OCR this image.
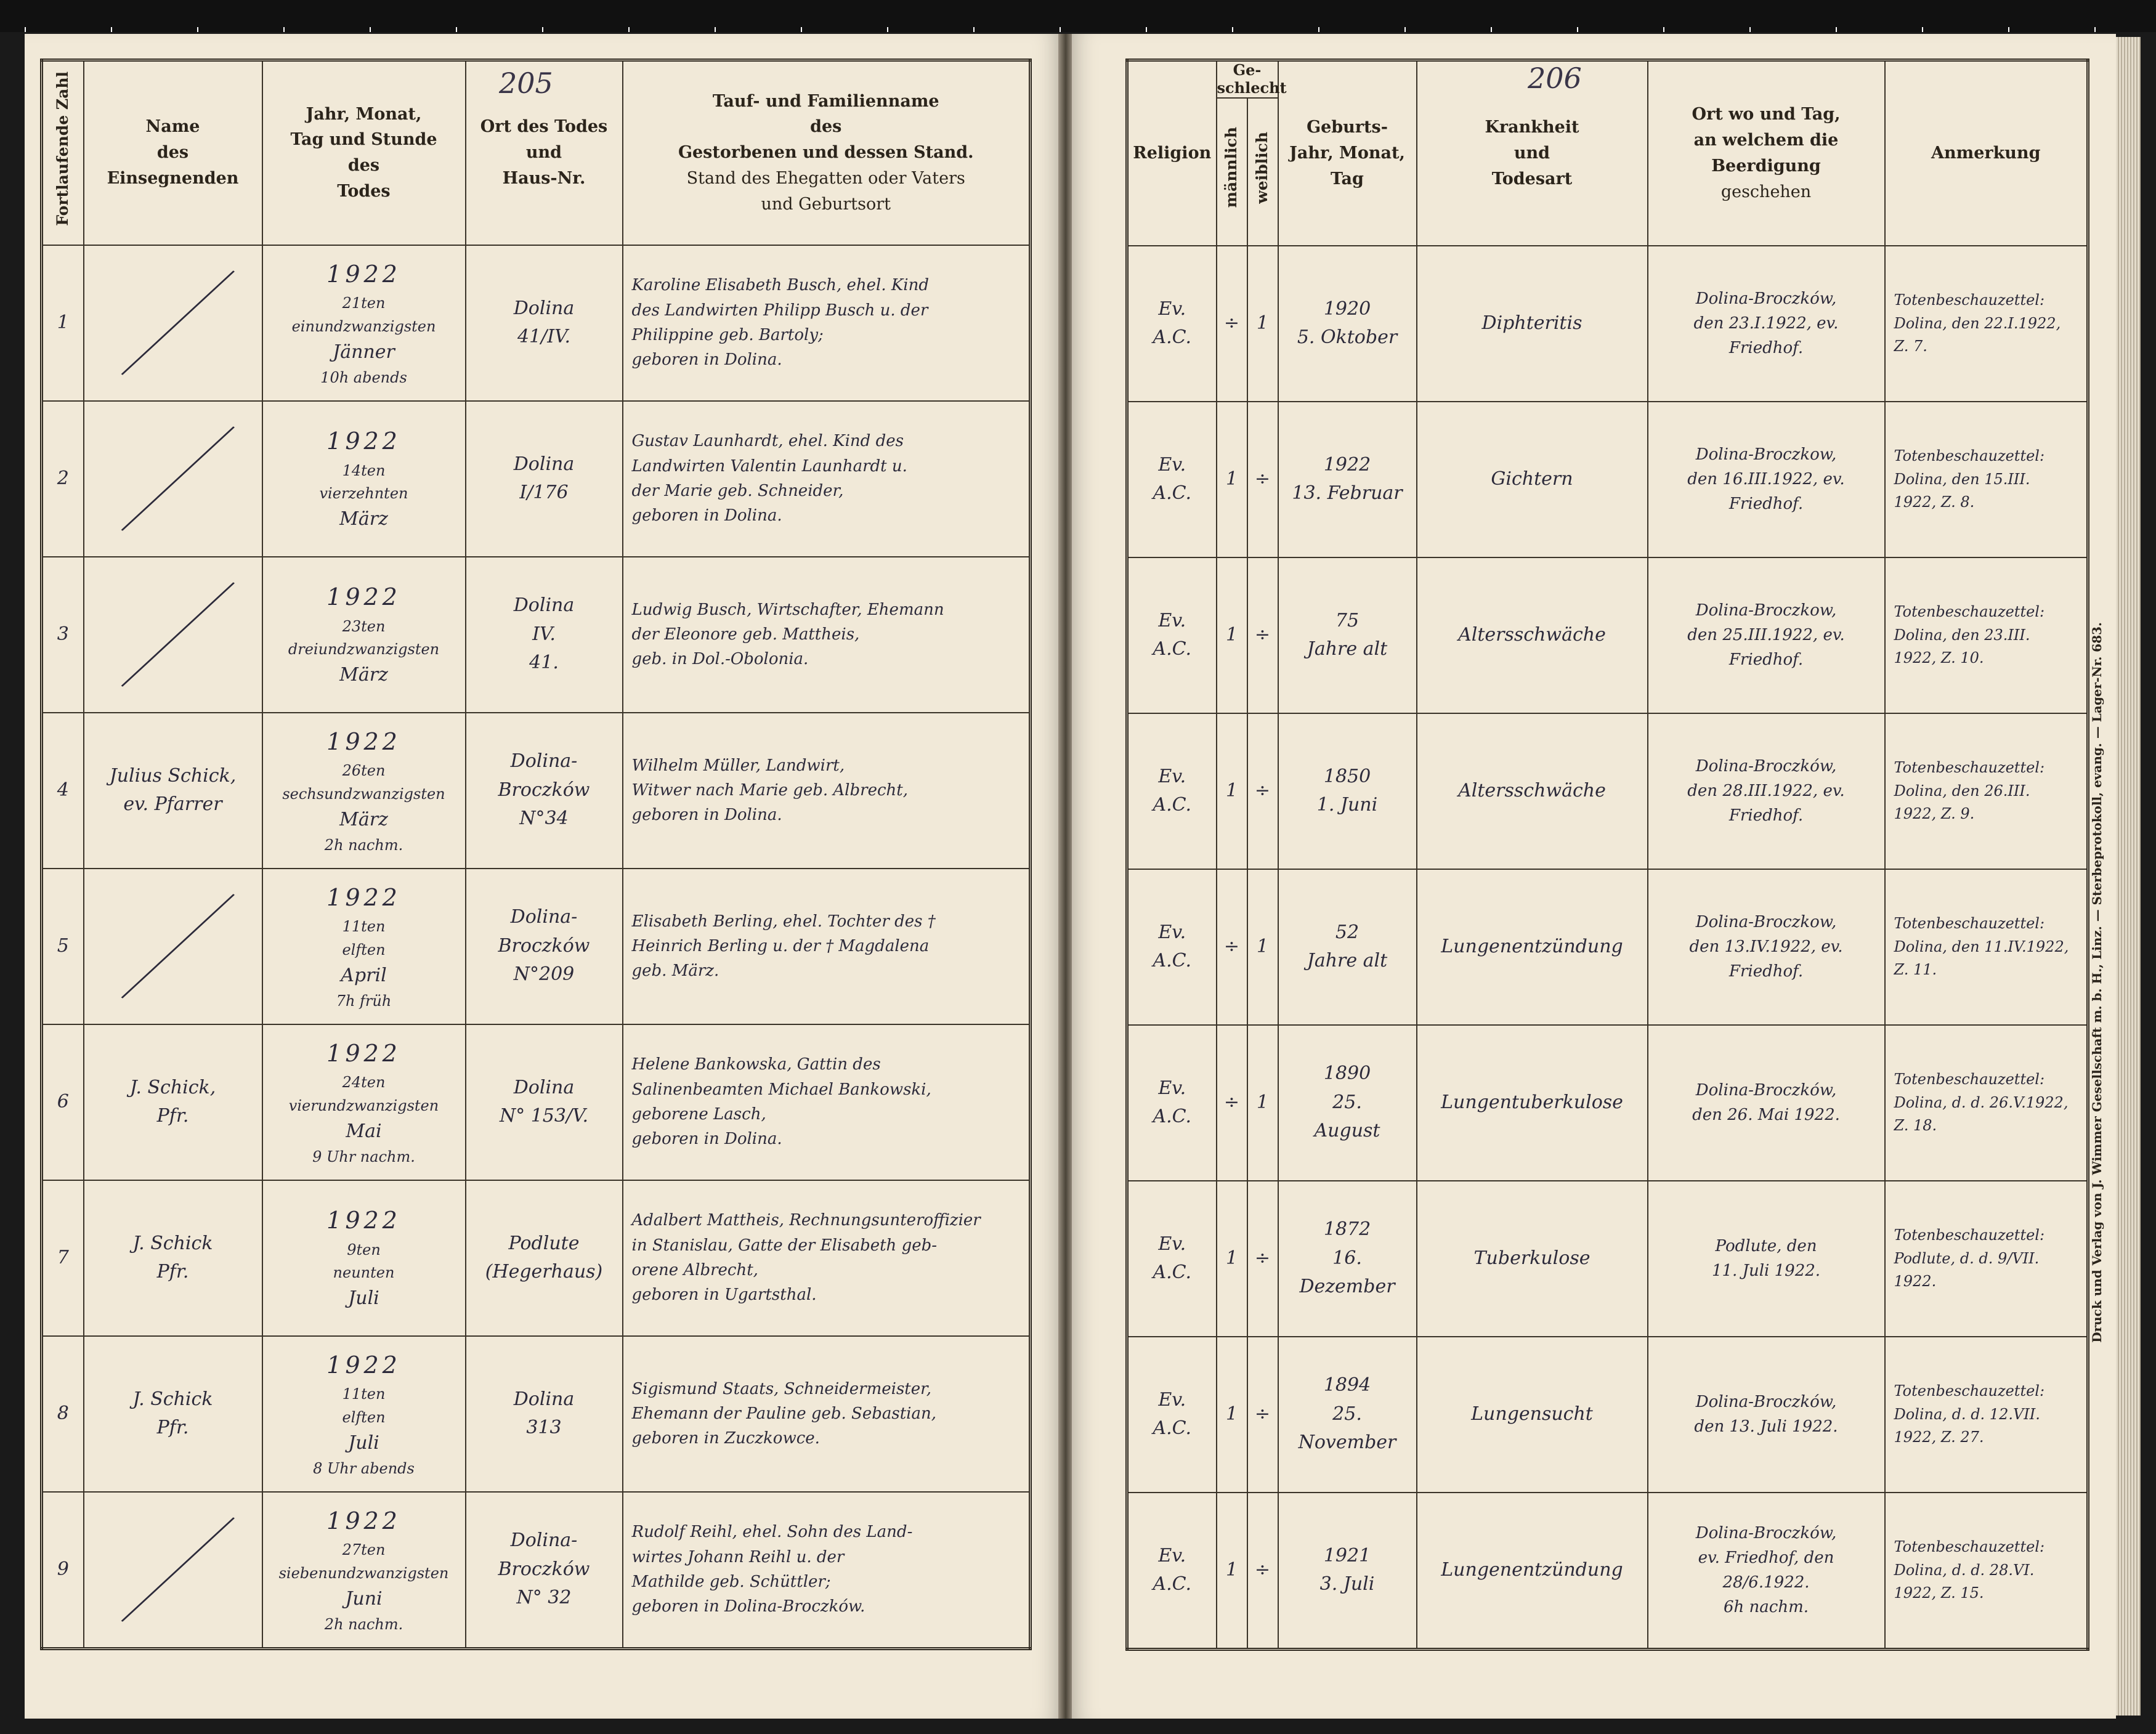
205	206
Fortlaufende Zahl	Name
des
Einsegnenden	Jahr, Monat,
Tag und Stunde
des
Todes	Ort des Todes
und
Haus-Nr.	Tauf- und Familienname
des
Gestorbenen und dessen Stand.
Stand des Ehegatten oder Vaters
und Geburtsort

1		1922
21ten
einundzwanzigsten
Jänner
10h abends	Dolina
41/IV.	Karoline Elisabeth Busch, ehel. Kind
des Landwirten Philipp Busch u. der
Philippine geb. Bartoly;
geboren in Dolina.

2		1922
14ten
vierzehnten
März	Dolina
I/176	Gustav Launhardt, ehel. Kind des
Landwirten Valentin Launhardt u.
der Marie geb. Schneider,
geboren in Dolina.

3		1922
23ten
dreiundzwanzigsten
März	Dolina
IV.
41.	Ludwig Busch, Wirtschafter, Ehemann
der Eleonore geb. Mattheis,
geb. in Dol.-Obolonia.

4	Julius Schick,
ev. Pfarrer	1922
26ten
sechsundzwanzigsten
März
2h nachm.	Dolina-
Broczków
N°34	Wilhelm Müller, Landwirt,
Witwer nach Marie geb. Albrecht,
geboren in Dolina.

5		1922
11ten
elften
April
7h früh	Dolina-
Broczków
N°209	Elisabeth Berling, ehel. Tochter des †
Heinrich Berling u. der † Magdalena
geb. März.

6	J. Schick,
Pfr.	1922
24ten
vierundzwanzigsten
Mai
9 Uhr nachm.	Dolina
N° 153/V.	Helene Bankowska, Gattin des
Salinenbeamten Michael Bankowski,
geborene Lasch,
geboren in Dolina.

7	J. Schick
Pfr.	1922
9ten
neunten
Juli	Podlute
(Hegerhaus)	Adalbert Mattheis, Rechnungsunteroffizier
in Stanislau, Gatte der Elisabeth geb-
orene Albrecht,
geboren in Ugartsthal.

8	J. Schick
Pfr.	1922
11ten
elften
Juli
8 Uhr abends	Dolina
313	Sigismund Staats, Schneidermeister,
Ehemann der Pauline geb. Sebastian,
geboren in Zuczkowce.

9		1922
27ten
siebenundzwanzigsten
Juni
2h nachm.	Dolina-
Broczków
N° 32	Rudolf Reihl, ehel. Sohn des Land-
wirtes Johann Reihl u. der
Mathilde geb. Schüttler;
geboren in Dolina-Broczków.
Religion	Ge-schlecht		Geburts-
Jahr, Monat,
Tag	Krankheit
und
Todesart	Ort wo und Tag,
an welchem die
Beerdigung
geschehen	Anmerkung
	männlich	weiblich				

Ev.
A.C.	÷	1	1920
5. Oktober	Diphteritis	Dolina-Broczków,
den 23.I.1922, ev. Friedhof.	Totenbeschauzettel:
Dolina, den 22.I.1922,
Z. 7.

Ev.
A.C.	1	÷	1922
13. Februar	Gichtern	Dolina-Broczkow,
den 16.III.1922, ev. Friedhof.	Totenbeschauzettel:
Dolina, den 15.III.
1922, Z. 8.

Ev.
A.C.	1	÷	75
Jahre alt	Altersschwäche	Dolina-Broczkow,
den 25.III.1922, ev. Friedhof.	Totenbeschauzettel:
Dolina, den 23.III.
1922, Z. 10.

Ev.
A.C.	1	÷	1850
1. Juni	Altersschwäche	Dolina-Broczków,
den 28.III.1922, ev. Friedhof.	Totenbeschauzettel:
Dolina, den 26.III.
1922, Z. 9.

Ev.
A.C.	÷	1	52
Jahre alt	Lungenentzündung	Dolina-Broczkow,
den 13.IV.1922, ev. Friedhof.	Totenbeschauzettel:
Dolina, den 11.IV.1922,
Z. 11.

Ev.
A.C.	÷	1	1890
25.
August	Lungentuberkulose	Dolina-Broczków,
den 26. Mai 1922.	Totenbeschauzettel:
Dolina, d. d. 26.V.1922,
Z. 18.

Ev.
A.C.	1	÷	1872
16.
Dezember	Tuberkulose	Podlute, den
11. Juli 1922.	Totenbeschauzettel:
Podlute, d. d. 9/VII.
1922.

Ev.
A.C.	1	÷	1894
25. November	Lungensucht	Dolina-Broczków,
den 13. Juli 1922.	Totenbeschauzettel:
Dolina, d. d. 12.VII.
1922, Z. 27.

Ev.
A.C.	1	÷	1921
3. Juli	Lungenentzündung	Dolina-Broczków,
ev. Friedhof, den 28/6.1922.
6h nachm.	Totenbeschauzettel:
Dolina, d. d. 28.VI.
1922, Z. 15.
Druck und Verlag von J. Wimmer Gesellschaft m. b. H., Linz. — Sterbeprotokoll, evang. — Lager-Nr. 683.
